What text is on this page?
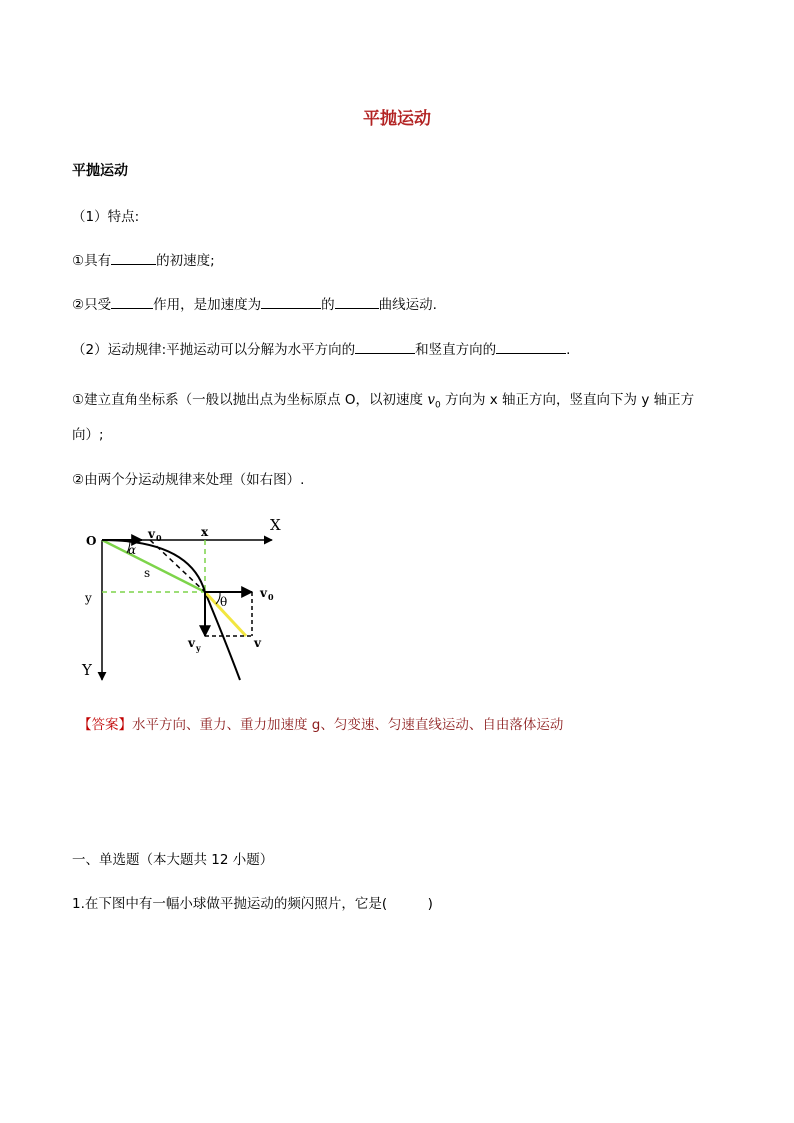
平抛运动
平抛运动
（1）特点:
①具有	的初速度;
②只受	作用，是加速度为	的	曲线运动.
（2）运动规律:平抛运动可以分解为水平方向的	和竖直方向的	.
①建立直角坐标系（一般以抛出点为坐标原点 O，以初速度 $v_0$ 方向为 x 轴正方向，竖直向下为 y 轴正方
向）;
②由两个分运动规律来处理（如右图）.
O
X
Y
x
y
s
α
θ
v
v 0
v 0
v y
【答案】水平方向、重力、重力加速度 g、匀变速、匀速直线运动、自由落体运动
一、单选题（本大题共 12 小题）
1.在下图中有一幅小球做平抛运动的频闪照片，它是(　　　)
